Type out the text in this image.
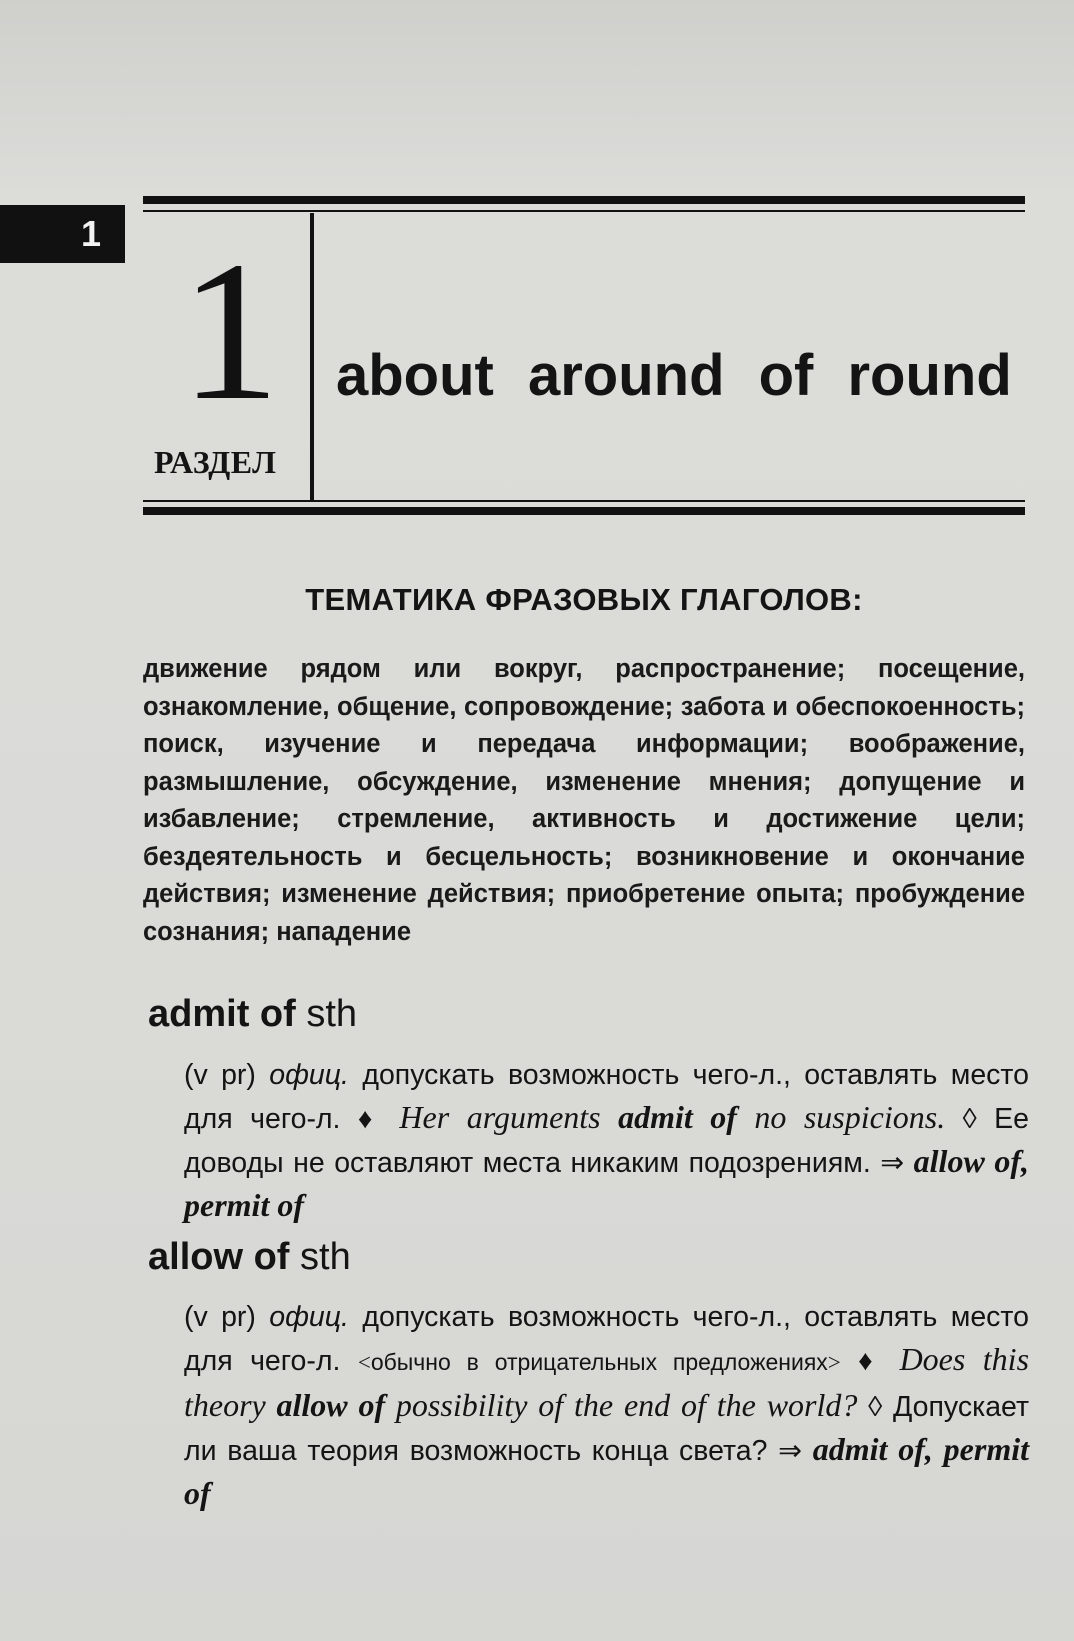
1 1
РАЗДЕЛ
about around of round
ТЕМАТИКА ФРАЗОВЫХ ГЛАГОЛОВ:
движение рядом или вокруг, распространение; посещение, ознакомление, общение, сопровождение; забота и обеспокоенность; поиск, изучение и передача информации; воображение, размышление, обсуждение, изменение мнения; допущение и избавление; стремление, активность и достижение цели; бездеятельность и бесцельность; возникновение и окончание действия; изменение действия; приобретение опыта; пробуждение сознания; нападение
admit of sth
(v pr) офиц. допускать возможность чего-л., оставлять место для чего-л. ♦ Her arguments admit of no suspicions. ◊ Ее доводы не оставляют места никаким подозрениям. ⇒ allow of, permit of
allow of sth
(v pr) офиц. допускать возможность чего-л., оставлять место для чего-л. <обычно в отрицательных предложениях> ♦ Does this theory allow of possibility of the end of the world? ◊ Допускает ли ваша теория возможность конца света? ⇒ admit of, permit of
